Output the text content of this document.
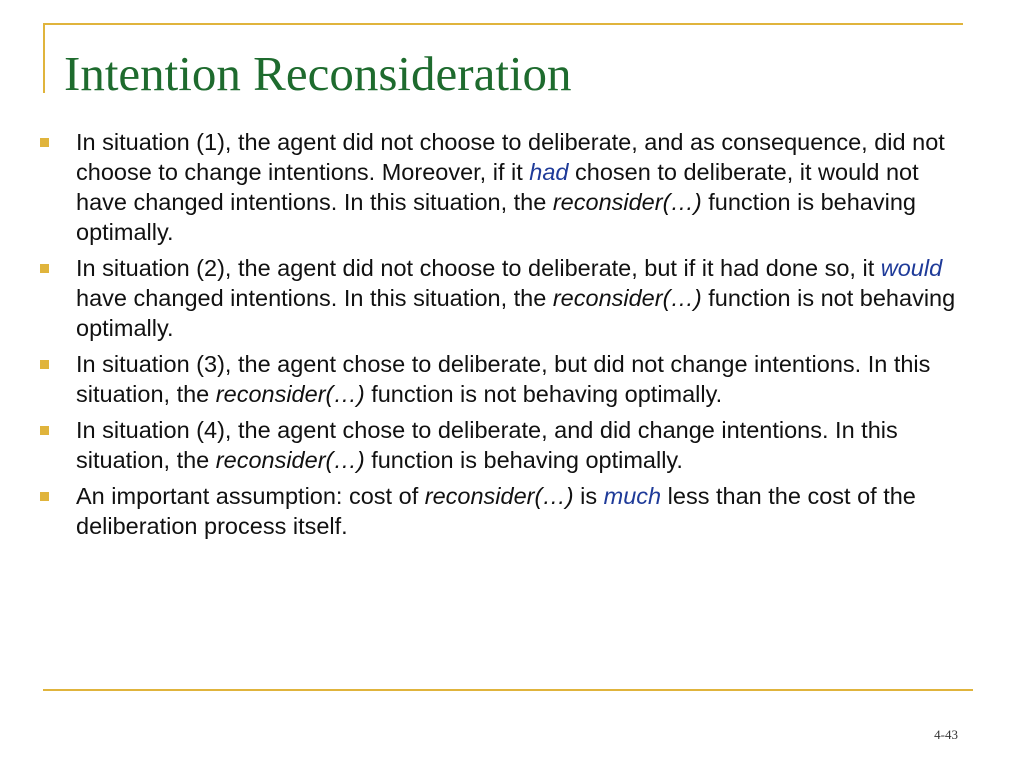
Intention Reconsideration
In situation (1), the agent did not choose to deliberate, and as consequence, did not choose to change intentions. Moreover, if it had chosen to deliberate, it would not have changed intentions. In this situation, the reconsider(…) function is behaving optimally.
In situation (2), the agent did not choose to deliberate, but if it had done so, it would have changed intentions. In this situation, the reconsider(…) function is not behaving optimally.
In situation (3), the agent chose to deliberate, but did not change intentions. In this situation, the reconsider(…) function is not behaving optimally.
In situation (4), the agent chose to deliberate, and did change intentions. In this situation, the reconsider(…) function is behaving optimally.
An important assumption: cost of reconsider(…) is much less than the cost of the deliberation process itself.
4-43
